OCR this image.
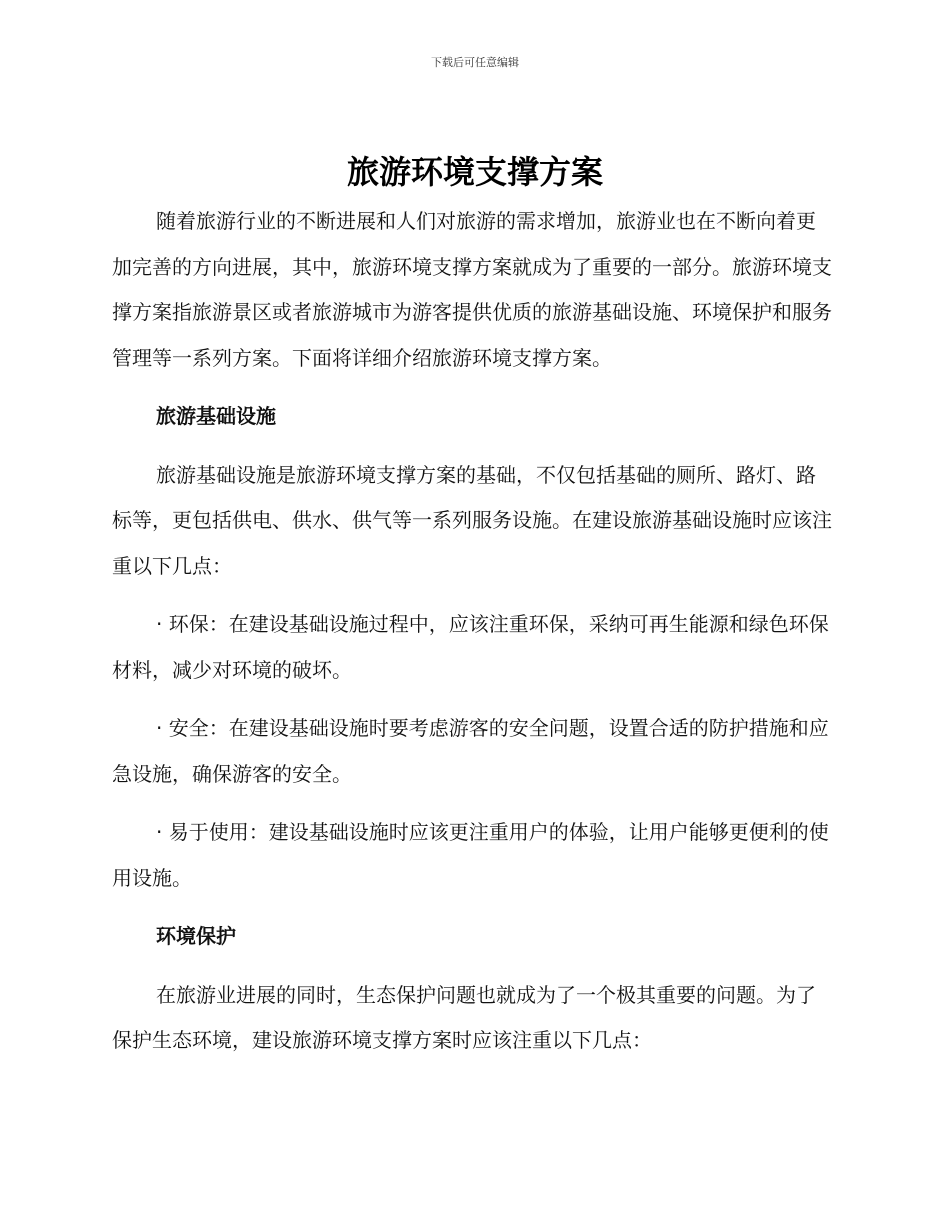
下载后可任意编辑
旅游环境支撑方案

随着旅游行业的不断进展和人们对旅游的需求增加，旅游业也在不断向着更加完善的方向进展，其中，旅游环境支撑方案就成为了重要的一部分。旅游环境支撑方案指旅游景区或者旅游城市为游客提供优质的旅游基础设施、环境保护和服务管理等一系列方案。下面将详细介绍旅游环境支撑方案。

旅游基础设施

旅游基础设施是旅游环境支撑方案的基础，不仅包括基础的厕所、路灯、路标等，更包括供电、供水、供气等一系列服务设施。在建设旅游基础设施时应该注重以下几点：

· 环保：在建设基础设施过程中，应该注重环保，采纳可再生能源和绿色环保材料，减少对环境的破坏。

· 安全：在建设基础设施时要考虑游客的安全问题，设置合适的防护措施和应急设施，确保游客的安全。

· 易于使用：建设基础设施时应该更注重用户的体验，让用户能够更便利的使用设施。

环境保护

在旅游业进展的同时，生态保护问题也就成为了一个极其重要的问题。为了保护生态环境，建设旅游环境支撑方案时应该注重以下几点：
